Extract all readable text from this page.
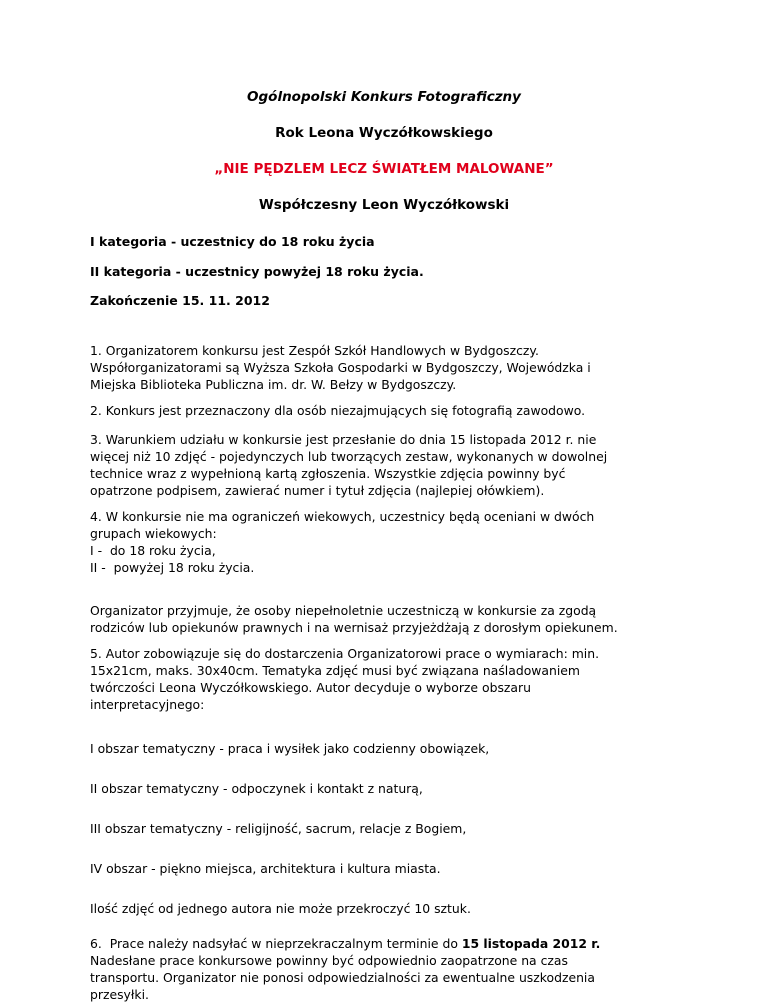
Ogólnopolski Konkurs Fotograficzny
Rok Leona Wyczółkowskiego
„NIE PĘDZLEM LECZ ŚWIATŁEM MALOWANE”
Współczesny Leon Wyczółkowski
I kategoria - uczestnicy do 18 roku życia
II kategoria - uczestnicy powyżej 18 roku życia.
Zakończenie 15. 11. 2012
1. Organizatorem konkursu jest Zespół Szkół Handlowych w Bydgoszczy.
Współorganizatorami są Wyższa Szkoła Gospodarki w Bydgoszczy, Wojewódzka i
Miejska Biblioteka Publiczna im. dr. W. Bełzy w Bydgoszczy.
2. Konkurs jest przeznaczony dla osób niezajmujących się fotografią zawodowo.
3. Warunkiem udziału w konkursie jest przesłanie do dnia 15 listopada 2012 r. nie
więcej niż 10 zdjęć - pojedynczych lub tworzących zestaw, wykonanych w dowolnej
technice wraz z wypełnioną kartą zgłoszenia. Wszystkie zdjęcia powinny być
opatrzone podpisem, zawierać numer i tytuł zdjęcia (najlepiej ołówkiem).
4. W konkursie nie ma ograniczeń wiekowych, uczestnicy będą oceniani w dwóch
grupach wiekowych:
I -  do 18 roku życia,
II -  powyżej 18 roku życia.
Organizator przyjmuje, że osoby niepełnoletnie uczestniczą w konkursie za zgodą
rodziców lub opiekunów prawnych i na wernisaż przyjeżdżają z dorosłym opiekunem.
5. Autor zobowiązuje się do dostarczenia Organizatorowi prace o wymiarach: min.
15x21cm, maks. 30x40cm. Tematyka zdjęć musi być związana naśladowaniem
twórczości Leona Wyczółkowskiego. Autor decyduje o wyborze obszaru
interpretacyjnego:
I obszar tematyczny - praca i wysiłek jako codzienny obowiązek,
II obszar tematyczny - odpoczynek i kontakt z naturą,
III obszar tematyczny - religijność, sacrum, relacje z Bogiem,
IV obszar - piękno miejsca, architektura i kultura miasta.
Ilość zdjęć od jednego autora nie może przekroczyć 10 sztuk.
6.  Prace należy nadsyłać w nieprzekraczalnym terminie do 15 listopada 2012 r.
Nadesłane prace konkursowe powinny być odpowiednio zaopatrzone na czas
transportu. Organizator nie ponosi odpowiedzialności za ewentualne uszkodzenia
przesyłki.
